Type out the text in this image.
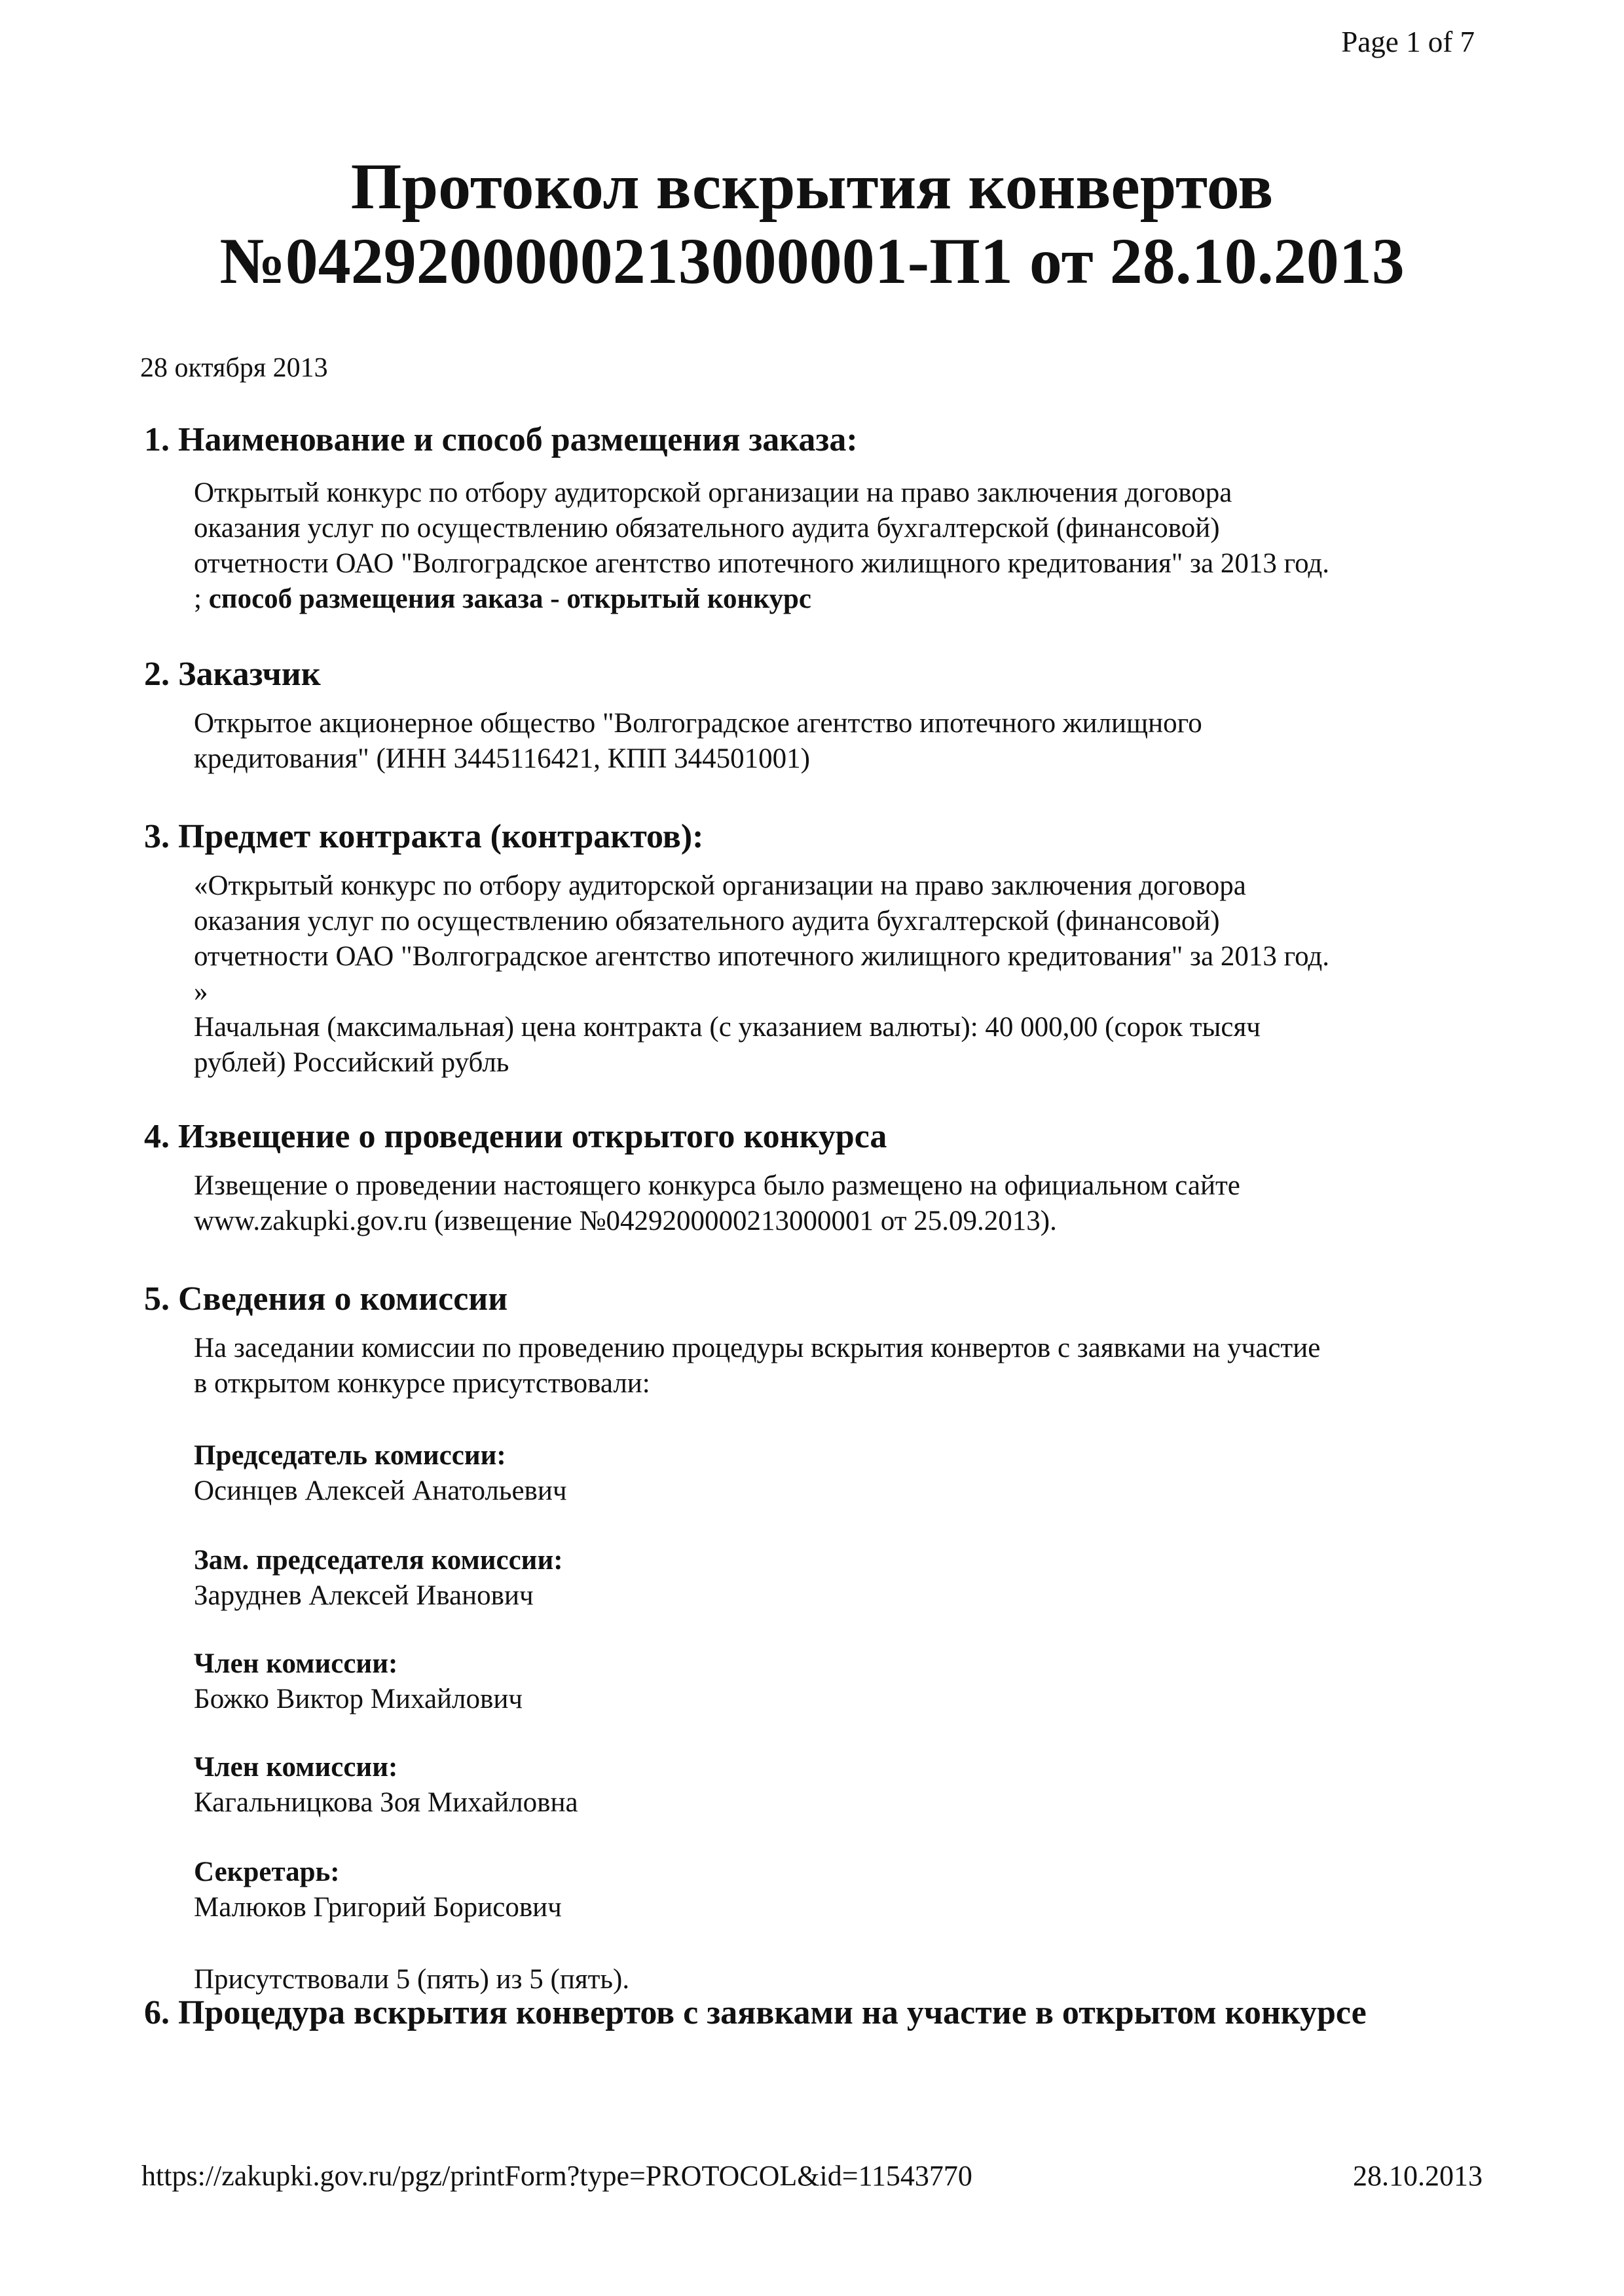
Page 1 of 7
Протокол вскрытия конвертов
№0429200000213000001-П1 от 28.10.2013
28 октября 2013
1. Наименование и способ размещения заказа:

Открытый конкурс по отбору аудиторской организации на право заключения договора

оказания услуг по осуществлению обязательного аудита бухгалтерской (финансовой)

отчетности ОАО "Волгоградское агентство ипотечного жилищного кредитования" за 2013 год.

; способ размещения заказа - открытый конкурс

2. Заказчик

Открытое акционерное общество "Волгоградское агентство ипотечного жилищного

кредитования" (ИНН 3445116421, КПП 344501001)

3. Предмет контракта (контрактов):

«Открытый конкурс по отбору аудиторской организации на право заключения договора

оказания услуг по осуществлению обязательного аудита бухгалтерской (финансовой)

отчетности ОАО "Волгоградское агентство ипотечного жилищного кредитования" за 2013 год.

»

Начальная (максимальная) цена контракта (с указанием валюты): 40 000,00 (сорок тысяч

рублей) Российский рубль

4. Извещение о проведении открытого конкурса

Извещение о проведении настоящего конкурса было размещено на официальном сайте

www.zakupki.gov.ru (извещение №0429200000213000001 от 25.09.2013).

5. Сведения о комиссии

На заседании комиссии по проведению процедуры вскрытия конвертов с заявками на участие

в открытом конкурсе присутствовали:

Председатель комиссии:
Осинцев Алексей Анатольевич
Зам. председателя комиссии:
Заруднев Алексей Иванович
Член комиссии:
Божко Виктор Михайлович
Член комиссии:
Кагальницкова Зоя Михайловна
Секретарь:
Малюков Григорий Борисович
Присутствовали 5 (пять) из 5 (пять).
6. Процедура вскрытия конвертов с заявками на участие в открытом конкурсе
https://zakupki.gov.ru/pgz/printForm?type=PROTOCOL&id=11543770	28.10.2013
